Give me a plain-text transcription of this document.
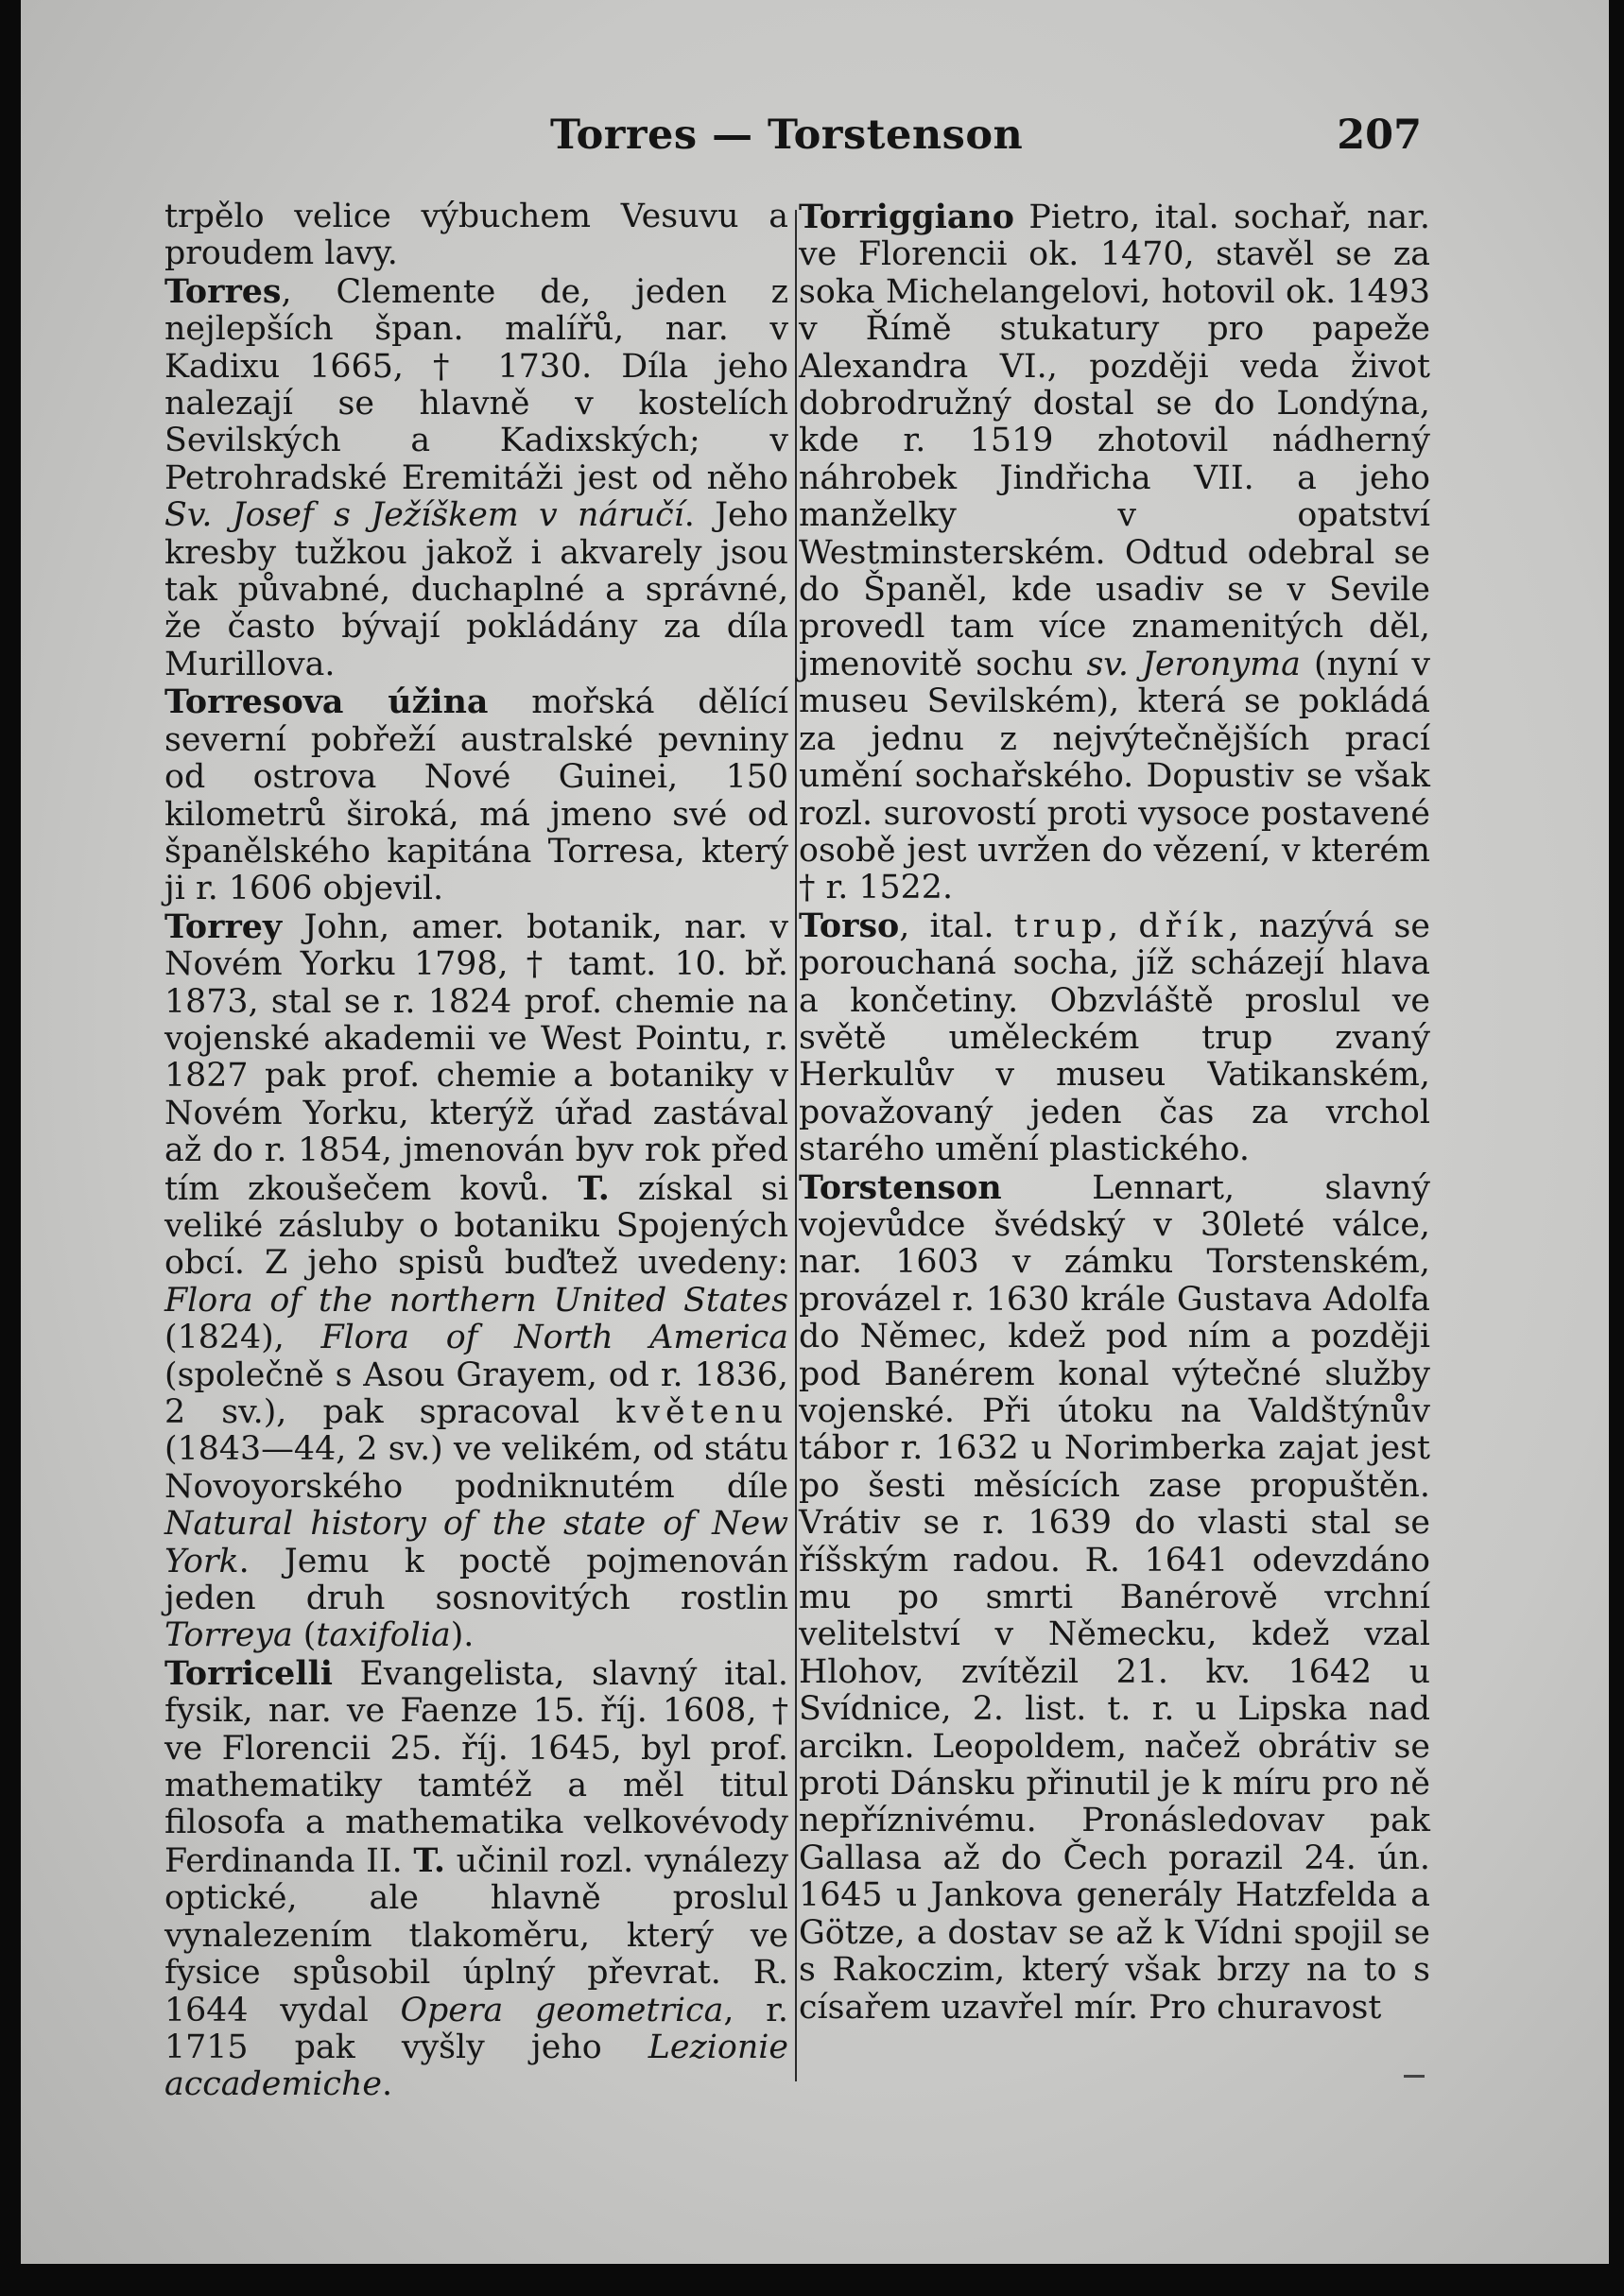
Torres — Torstenson	207

trpělo velice výbuchem Vesuvu a proudem lavy.

Torres, Clemente de, jeden z nejlepších špan. malířů, nar. v Kadixu 1665, † 1730. Díla jeho nalezají se hlavně v kostelích Sevilských a Kadixských; v Petrohradské Eremitáži jest od něho Sv. Josef s Ježíškem v náručí. Jeho kresby tužkou jakož i akvarely jsou tak půvabné, duchaplné a správné, že často bývají pokládány za díla Murillova.

Torresova úžina mořská dělící severní pobřeží australské pevniny od ostrova Nové Guinei, 150 kilometrů široká, má jmeno své od španělského kapitána Torresa, který ji r. 1606 objevil.

Torrey John, amer. botanik, nar. v Novém Yorku 1798, † tamt. 10. bř. 1873, stal se r. 1824 prof. chemie na vojenské akademii ve West Pointu, r. 1827 pak prof. chemie a botaniky v Novém Yorku, kterýž úřad zastával až do r. 1854, jmenován byv rok před tím zkoušečem kovů. T. získal si veliké zásluby o botaniku Spojených obcí. Z jeho spisů buďtež uvedeny: Flora of the northern United States (1824), Flora of North America (společně s Asou Grayem, od r. 1836, 2 sv.), pak spracoval květenu (1843—44, 2 sv.) ve velikém, od státu Novoyorského podniknutém díle Natural history of the state of New York. Jemu k poctě pojmenován jeden druh sosnovitých rostlin Torreya (taxifolia).

Torricelli Evangelista, slavný ital. fysik, nar. ve Faenze 15. říj. 1608, † ve Florencii 25. říj. 1645, byl prof. mathematiky tamtéž a měl titul filosofa a mathematika velkovévody Ferdinanda II. T. učinil rozl. vynálezy optické, ale hlavně proslul vynalezením tlakoměru, který ve fysice spůsobil úplný převrat. R. 1644 vydal Opera geometrica, r. 1715 pak vyšly jeho Lezionie accademiche.

Torriggiano Pietro, ital. sochař, nar. ve Florencii ok. 1470, stavěl se za soka Michelangelovi, hotovil ok. 1493 v Římě stukatury pro papeže Alexandra VI., později veda život dobrodružný dostal se do Londýna, kde r. 1519 zhotovil nádherný náhrobek Jindřicha VII. a jeho manželky v opatství Westminsterském. Odtud odebral se do Španěl, kde usadiv se v Sevile provedl tam více znamenitých děl, jmenovitě sochu sv. Jeronyma (nyní v museu Sevilském), která se pokládá za jednu z nejvýtečnějších prací umění sochařského. Dopustiv se však rozl. surovostí proti vysoce postavené osobě jest uvržen do vězení, v kterém † r. 1522.

Torso, ital. trup, dřík, nazývá se porouchaná socha, jíž scházejí hlava a končetiny. Obzvláště proslul ve světě uměleckém trup zvaný Herkulův v museu Vatikanském, považovaný jeden čas za vrchol starého umění plastického.

Torstenson Lennart, slavný vojevůdce švédský v 30leté válce, nar. 1603 v zámku Torstenském, provázel r. 1630 krále Gustava Adolfa do Němec, kdež pod ním a později pod Banérem konal výtečné služby vojenské. Při útoku na Valdštýnův tábor r. 1632 u Norimberka zajat jest po šesti měsících zase propuštěn. Vrátiv se r. 1639 do vlasti stal se říšským radou. R. 1641 odevzdáno mu po smrti Banérově vrchní velitelství v Německu, kdež vzal Hlohov, zvítězil 21. kv. 1642 u Svídnice, 2. list. t. r. u Lipska nad arcikn. Leopoldem, načež obrátiv se proti Dánsku přinutil je k míru pro ně nepříznivému. Pronásledovav pak Gallasa až do Čech porazil 24. ún. 1645 u Jankova generály Hatzfelda a Götze, a dostav se až k Vídni spojil se s Rakoczim, který však brzy na to s císařem uzavřel mír. Pro churavost
